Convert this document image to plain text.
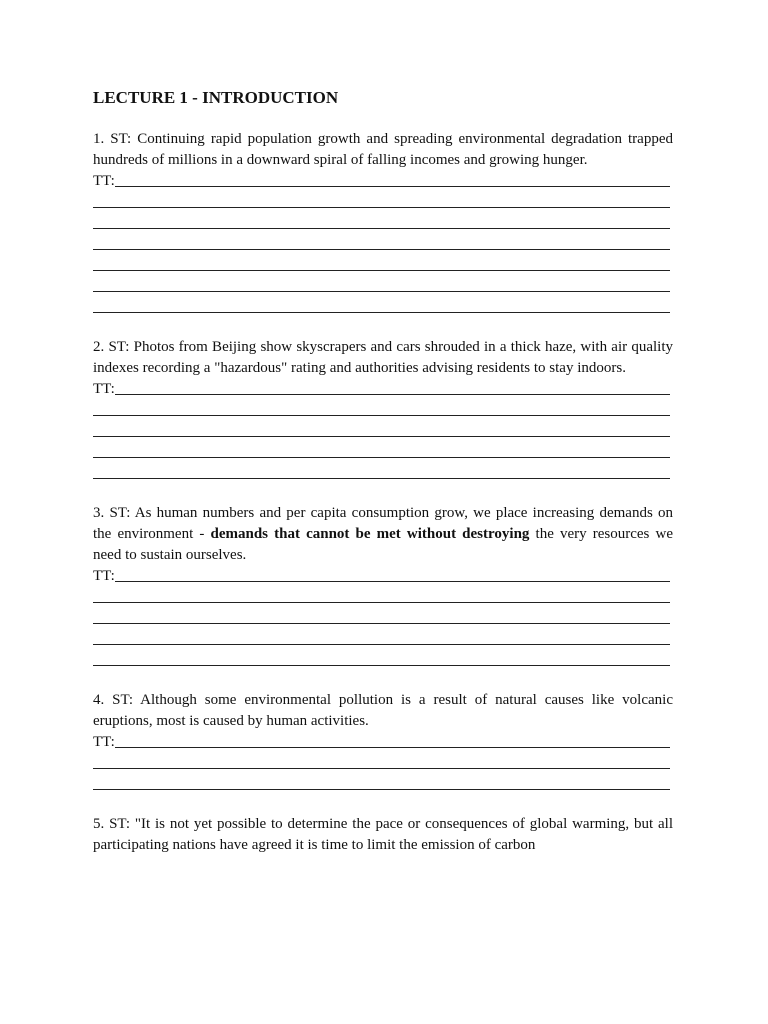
LECTURE 1 - INTRODUCTION
1. ST: Continuing rapid population growth and spreading environmental degradation trapped hundreds of millions in a downward spiral of falling incomes and growing hunger.
TT:
2. ST: Photos from Beijing show skyscrapers and cars shrouded in a thick haze, with air quality indexes recording a "hazardous" rating and authorities advising residents to stay indoors.
TT:
3. ST: As human numbers and per capita consumption grow, we place increasing demands on the environment - demands that cannot be met without destroying the very resources we need to sustain ourselves.
TT:
4. ST: Although some environmental pollution is a result of natural causes like volcanic eruptions, most is caused by human activities.
TT:
5. ST: "It is not yet possible to determine the pace or consequences of global warming, but all participating nations have agreed it is time to limit the emission of carbon
